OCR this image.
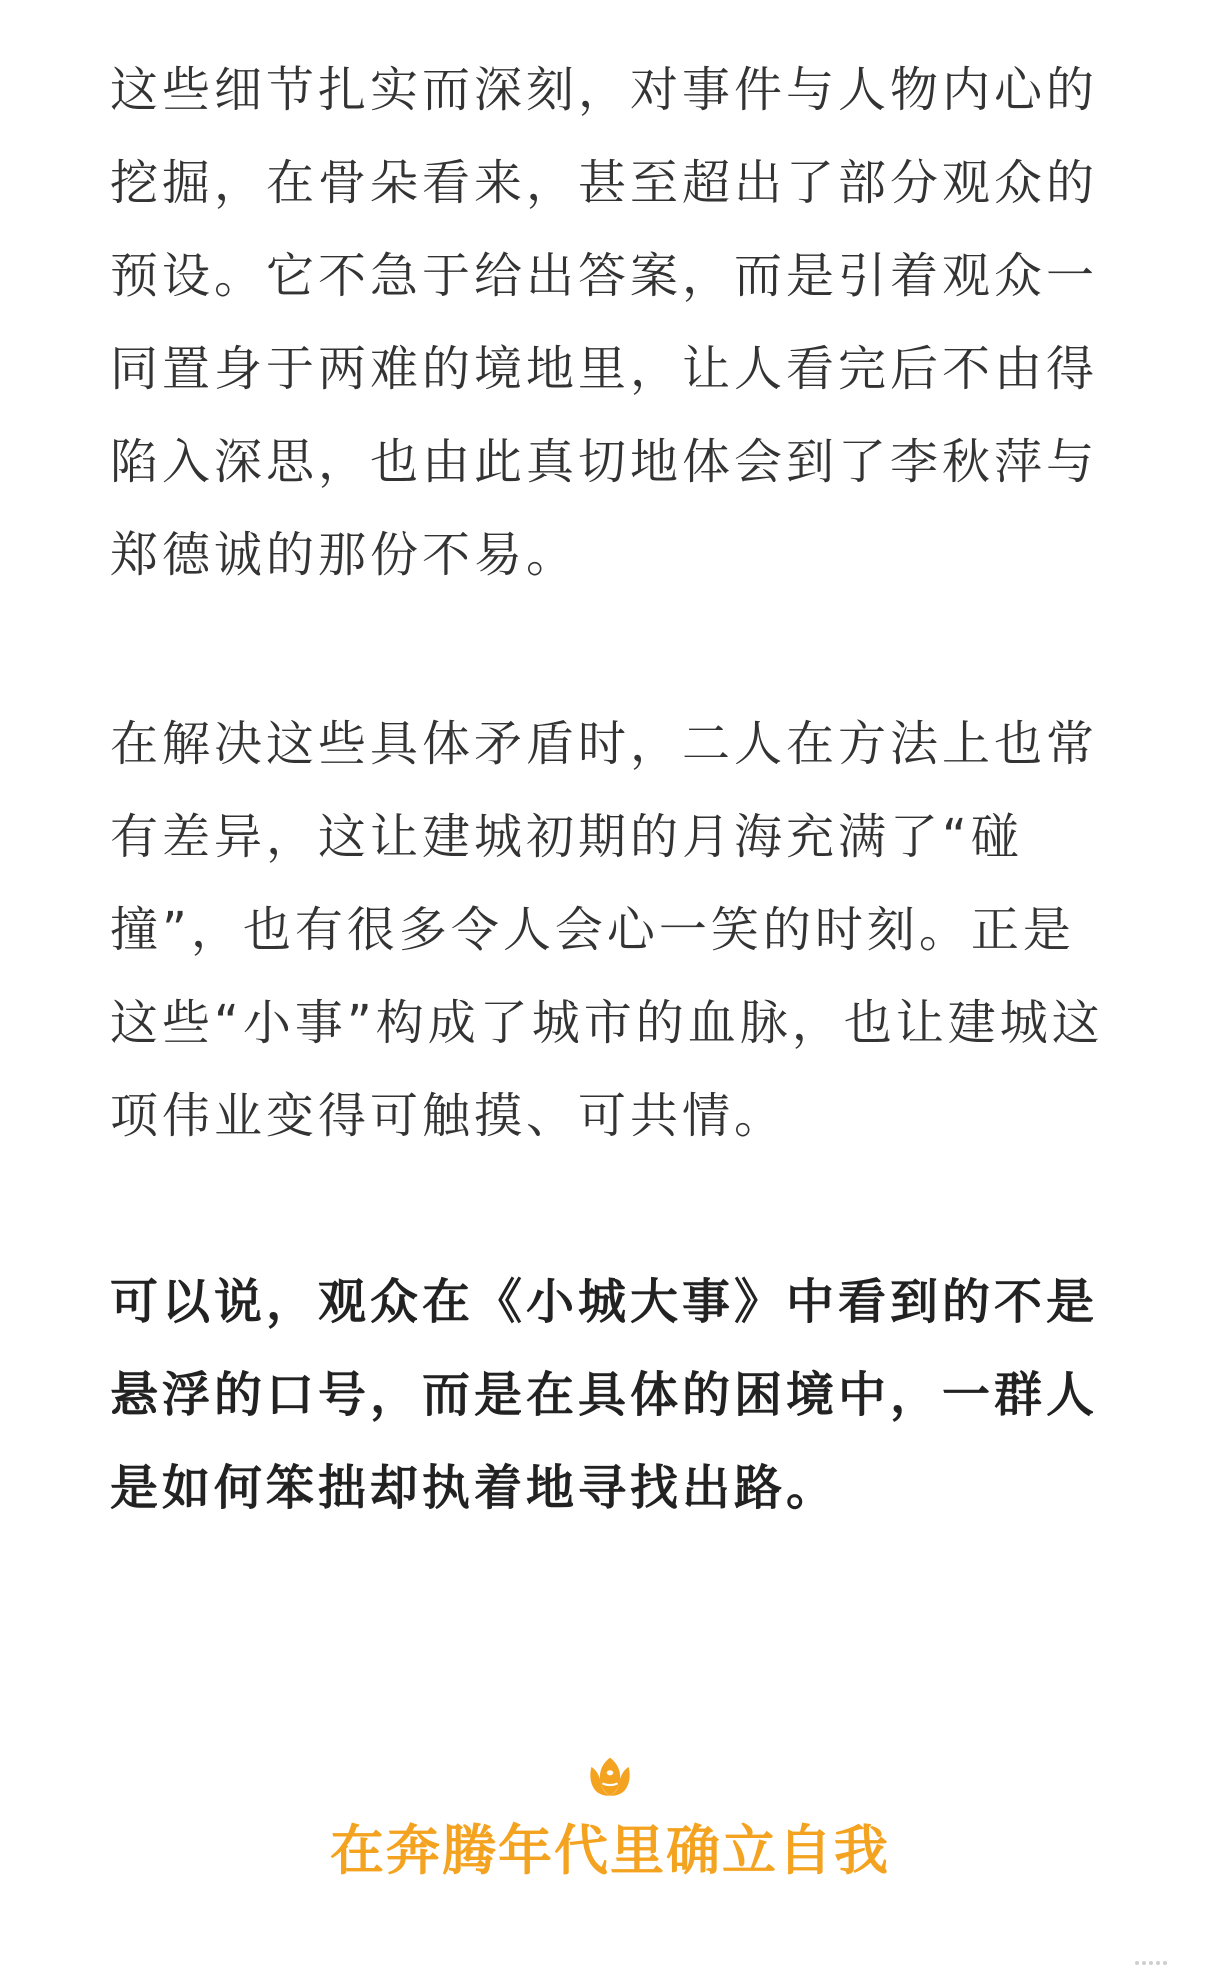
这些细节扎实而深刻，对事件与人物内心的
挖掘，在骨朵看来，甚至超出了部分观众的
预设。它不急于给出答案，而是引着观众一
同置身于两难的境地里，让人看完后不由得
陷入深思，也由此真切地体会到了李秋萍与
郑德诚的那份不易。

在解决这些具体矛盾时，二人在方法上也常
有差异，这让建城初期的月海充满了“碰
撞”，也有很多令人会心一笑的时刻。正是
这些“小事”构成了城市的血脉，也让建城这
项伟业变得可触摸、可共情。

可以说，观众在《小城大事》中看到的不是
悬浮的口号，而是在具体的困境中，一群人
是如何笨拙却执着地寻找出路。

在奔腾年代里确立自我
